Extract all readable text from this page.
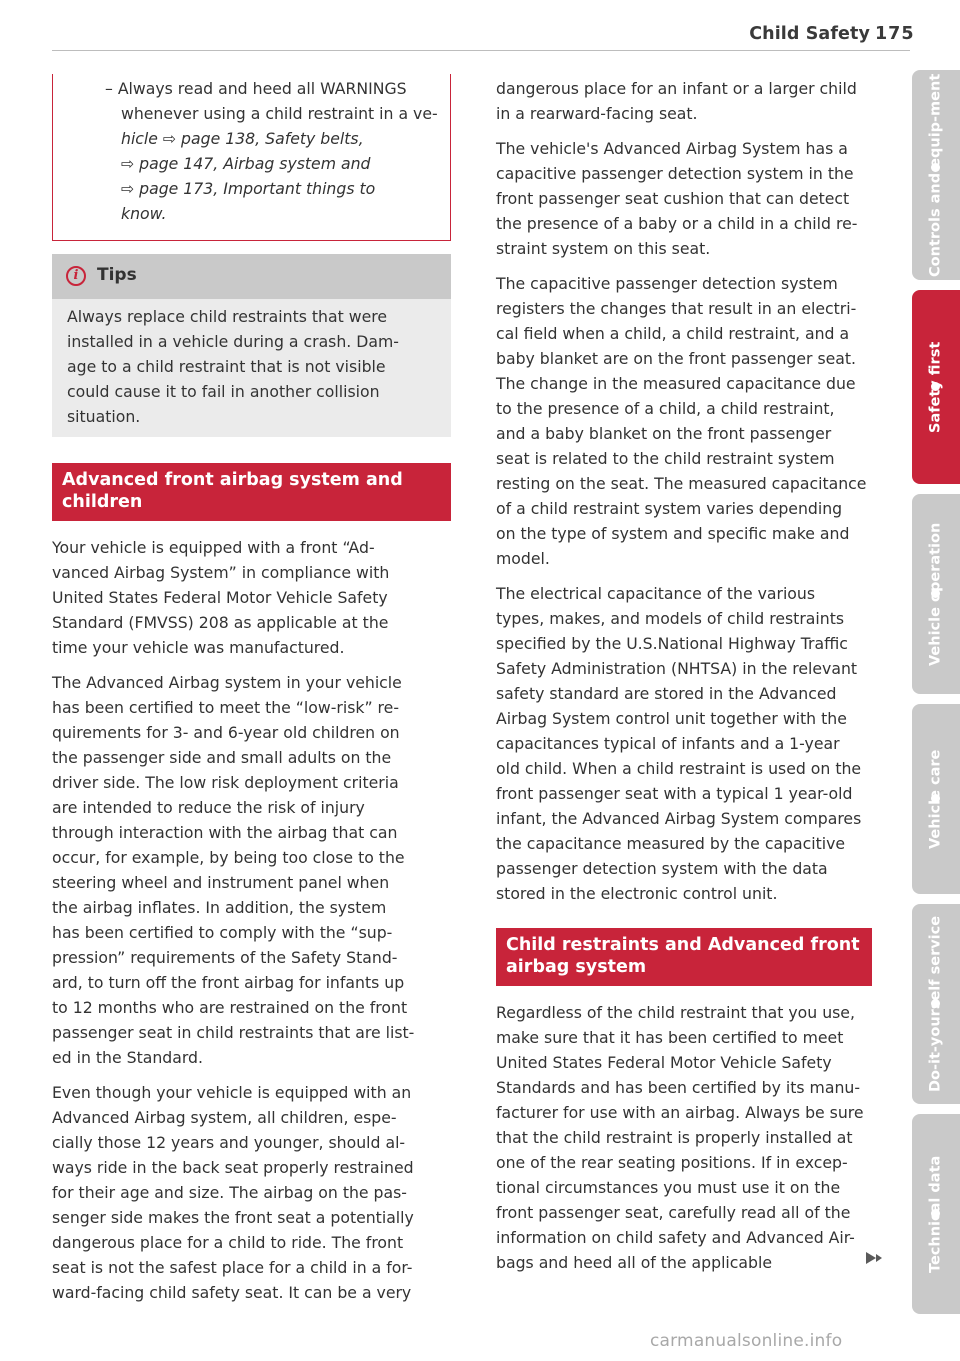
Child Safety 175
– Always read and heed all WARNINGS
whenever using a child restraint in a ve-
hicle ⇨ page 138, Safety belts,
⇨ page 147, Airbag system and
⇨ page 173, Important things to
know.
i	Tips

Always replace child restraints that were

installed in a vehicle during a crash. Dam-

age to a child restraint that is not visible

could cause it to fail in another collision

situation.

Advanced front airbag system and
children
Your vehicle is equipped with a front “Ad-
vanced Airbag System” in compliance with
United States Federal Motor Vehicle Safety
Standard (FMVSS) 208 as applicable at the
time your vehicle was manufactured.
The Advanced Airbag system in your vehicle
has been certified to meet the “low-risk” re-
quirements for 3- and 6-year old children on
the passenger side and small adults on the
driver side. The low risk deployment criteria
are intended to reduce the risk of injury
through interaction with the airbag that can
occur, for example, by being too close to the
steering wheel and instrument panel when
the airbag inflates. In addition, the system
has been certified to comply with the “sup-
pression” requirements of the Safety Stand-
ard, to turn off the front airbag for infants up
to 12 months who are restrained on the front
passenger seat in child restraints that are list-
ed in the Standard.
Even though your vehicle is equipped with an
Advanced Airbag system, all children, espe-
cially those 12 years and younger, should al-
ways ride in the back seat properly restrained
for their age and size. The airbag on the pas-
senger side makes the front seat a potentially
dangerous place for a child to ride. The front
seat is not the safest place for a child in a for-
ward-facing child safety seat. It can be a very
dangerous place for an infant or a larger child
in a rearward-facing seat.
The vehicle's Advanced Airbag System has a
capacitive passenger detection system in the
front passenger seat cushion that can detect
the presence of a baby or a child in a child re-
straint system on this seat.
The capacitive passenger detection system
registers the changes that result in an electri-
cal field when a child, a child restraint, and a
baby blanket are on the front passenger seat.
The change in the measured capacitance due
to the presence of a child, a child restraint,
and a baby blanket on the front passenger
seat is related to the child restraint system
resting on the seat. The measured capacitance
of a child restraint system varies depending
on the type of system and specific make and
model.
The electrical capacitance of the various
types, makes, and models of child restraints
specified by the U.S.National Highway Traffic
Safety Administration (NHTSA) in the relevant
safety standard are stored in the Advanced
Airbag System control unit together with the
capacitances typical of infants and a 1-year
old child. When a child restraint is used on the
front passenger seat with a typical 1 year-old
infant, the Advanced Airbag System compares
the capacitance measured by the capacitive
passenger detection system with the data
stored in the electronic control unit.
Child restraints and Advanced front
airbag system
Regardless of the child restraint that you use,
make sure that it has been certified to meet
United States Federal Motor Vehicle Safety
Standards and has been certified by its manu-
facturer for use with an airbag. Always be sure
that the child restraint is properly installed at
one of the rear seating positions. If in excep-
tional circumstances you must use it on the
front passenger seat, carefully read all of the
information on child safety and Advanced Air-
bags and heed all of the applicable
Controls and equip-ment
Safety first
Vehicle operation
Vehicle care
Do-it-yourself service
Technical data
carmanualsonline.info
